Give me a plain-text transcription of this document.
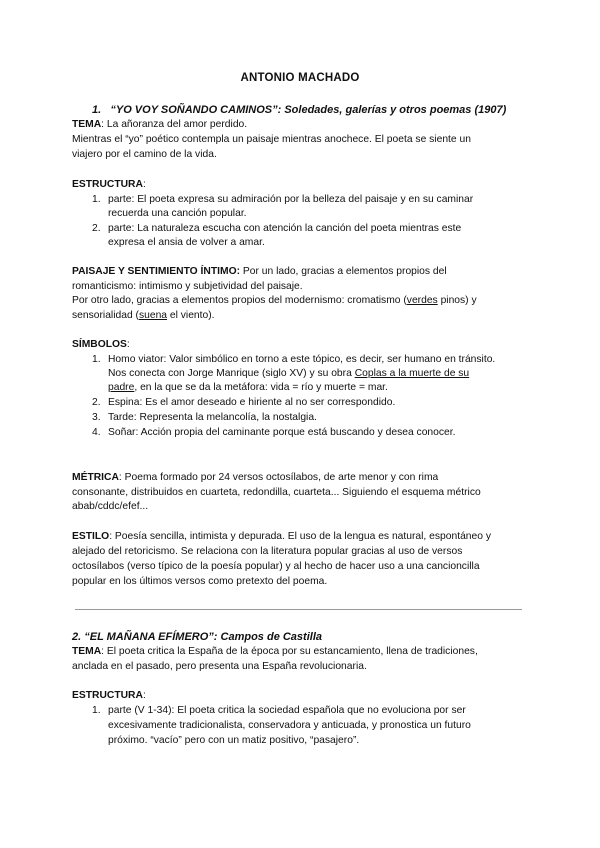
ANTONIO MACHADO
1. “YO VOY SOÑANDO CAMINOS”: Soledades, galerías y otros poemas (1907)
TEMA: La añoranza del amor perdido.
Mientras el “yo” poético contempla un paisaje mientras anochece. El poeta se siente un
viajero por el camino de la vida.
ESTRUCTURA:
1. parte: El poeta expresa su admiración por la belleza del paisaje y en su caminar
recuerda una canción popular.
2. parte: La naturaleza escucha con atención la canción del poeta mientras este
expresa el ansia de volver a amar.
PAISAJE Y SENTIMIENTO ÍNTIMO: Por un lado, gracias a elementos propios del
romanticismo: intimismo y subjetividad del paisaje.
Por otro lado, gracias a elementos propios del modernismo: cromatismo (verdes pinos) y
sensorialidad (suena el viento).
SÍMBOLOS:
1. Homo viator: Valor simbólico en torno a este tópico, es decir, ser humano en tránsito.
Nos conecta con Jorge Manrique (siglo XV) y su obra Coplas a la muerte de su
padre, en la que se da la metáfora: vida = río y muerte = mar.
2. Espina: Es el amor deseado e hiriente al no ser correspondido.
3. Tarde: Representa la melancolía, la nostalgia.
4. Soñar: Acción propia del caminante porque está buscando y desea conocer.
MÉTRICA: Poema formado por 24 versos octosílabos, de arte menor y con rima
consonante, distribuidos en cuarteta, redondilla, cuarteta... Siguiendo el esquema métrico
abab/cddc/efef...
ESTILO: Poesía sencilla, intimista y depurada. El uso de la lengua es natural, espontáneo y
alejado del retoricismo. Se relaciona con la literatura popular gracias al uso de versos
octosílabos (verso típico de la poesía popular) y al hecho de hacer uso a una cancioncilla
popular en los últimos versos como pretexto del poema.
2. “EL MAÑANA EFÍMERO”: Campos de Castilla
TEMA: El poeta critica la España de la época por su estancamiento, llena de tradiciones,
anclada en el pasado, pero presenta una España revolucionaria.
ESTRUCTURA:
1. parte (V 1-34): El poeta critica la sociedad española que no evoluciona por ser
excesivamente tradicionalista, conservadora y anticuada, y pronostica un futuro
próximo. “vacío” pero con un matiz positivo, “pasajero”.
